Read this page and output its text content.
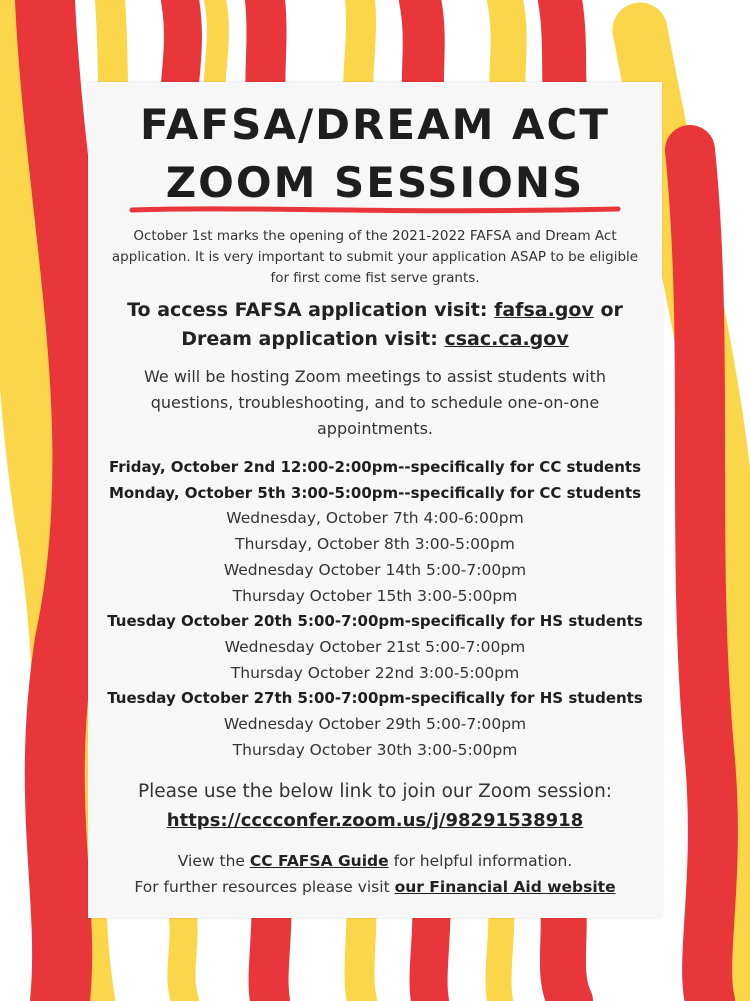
FAFSA/DREAM ACT
ZOOM SESSIONS
October 1st marks the opening of the 2021-2022 FAFSA and Dream Act application. It is very important to submit your application ASAP to be eligible for first come fist serve grants.
To access FAFSA application visit: fafsa.gov or
Dream application visit: csac.ca.gov
We will be hosting Zoom meetings to assist students with questions, troubleshooting, and to schedule one-on-one appointments.
Friday, October 2nd 12:00-2:00pm--specifically for CC students
Monday, October 5th 3:00-5:00pm--specifically for CC students
Wednesday, October 7th 4:00-6:00pm
Thursday, October 8th 3:00-5:00pm
Wednesday October 14th 5:00-7:00pm
Thursday October 15th 3:00-5:00pm
Tuesday October 20th 5:00-7:00pm-specifically for HS students
Wednesday October 21st 5:00-7:00pm
Thursday October 22nd 3:00-5:00pm
Tuesday October 27th 5:00-7:00pm-specifically for HS students
Wednesday October 29th 5:00-7:00pm
Thursday October 30th 3:00-5:00pm
Please use the below link to join our Zoom session:
https://cccconfer.zoom.us/j/98291538918
View the CC FAFSA Guide for helpful information.
For further resources please visit our Financial Aid website
